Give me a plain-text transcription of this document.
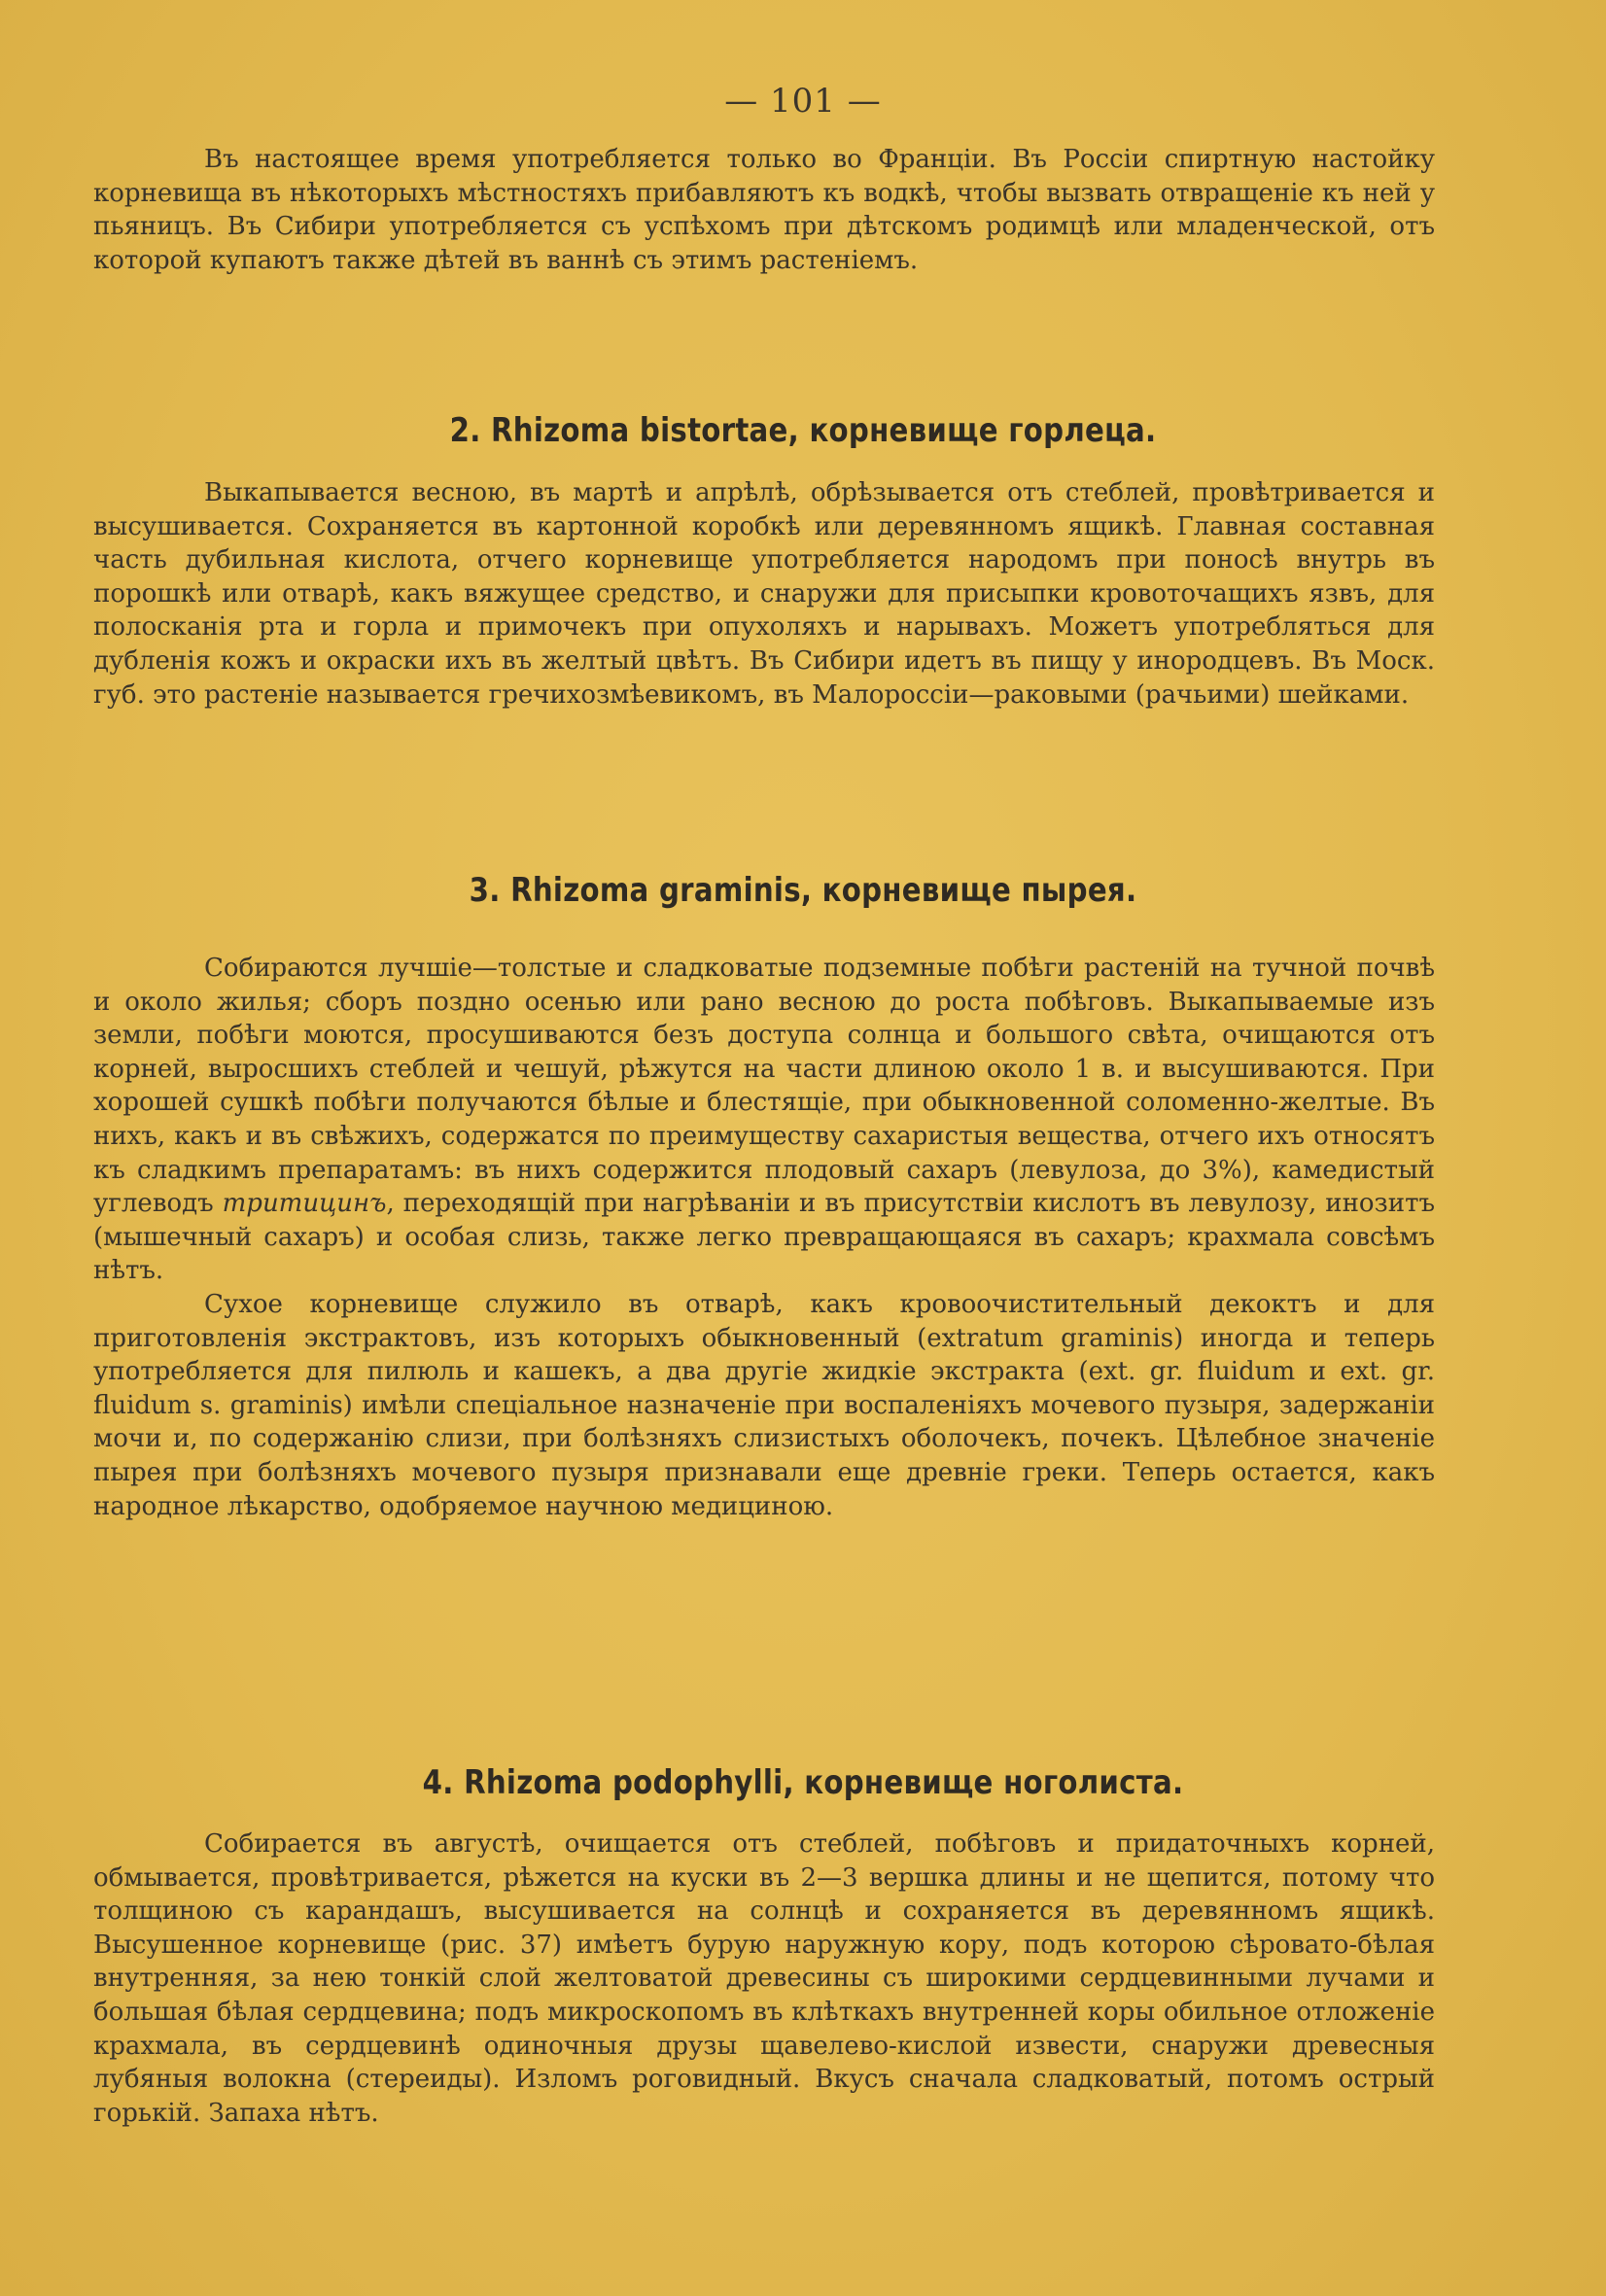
— 101 —

Въ настоящее время употребляется только во Франціи. Въ Россіи спиртную настойку корневища въ нѣкоторыхъ мѣстностяхъ прибавляютъ къ водкѣ, чтобы вызвать отвращеніе къ ней у пьяницъ. Въ Сибири употребляется съ успѣхомъ при дѣтскомъ родимцѣ или младенческой, отъ которой купаютъ также дѣтей въ ваннѣ съ этимъ растеніемъ.

2. Rhizoma bistortae, корневище горлеца.

Выкапывается весною, въ мартѣ и апрѣлѣ, обрѣзывается отъ стеблей, провѣтривается и высушивается. Сохраняется въ картонной коробкѣ или деревянномъ ящикѣ. Главная составная часть дубильная кислота, отчего корневище употребляется народомъ при поносѣ внутрь въ порошкѣ или отварѣ, какъ вяжущее средство, и снаружи для присыпки кровоточащихъ язвъ, для полосканія рта и горла и примочекъ при опухоляхъ и нарывахъ. Можетъ употребляться для дубленія кожъ и окраски ихъ въ желтый цвѣтъ. Въ Сибири идетъ въ пищу у инородцевъ. Въ Моск. губ. это растеніе называется гречихозмѣевикомъ, въ Малороссіи—раковыми (рачьими) шейками.

3. Rhizoma graminis, корневище пырея.

Собираются лучшіе—толстые и сладковатые подземные побѣги растеній на тучной почвѣ и около жилья; сборъ поздно осенью или рано весною до роста побѣговъ. Выкапываемые изъ земли, побѣги моются, просушиваются безъ доступа солнца и большого свѣта, очищаются отъ корней, выросшихъ стеблей и чешуй, рѣжутся на части длиною около 1 в. и высушиваются. При хорошей сушкѣ побѣги получаются бѣлые и блестящіе, при обыкновенной соломенно-желтые. Въ нихъ, какъ и въ свѣжихъ, содержатся по преимуществу сахаристыя вещества, отчего ихъ относятъ къ сладкимъ препаратамъ: въ нихъ содержится плодовый сахаръ (левулоза, до 3%), камедистый углеводъ тритицинъ, переходящій при нагрѣваніи и въ присутствіи кислотъ въ левулозу, инозитъ (мышечный сахаръ) и особая слизь, также легко превращающаяся въ сахаръ; крахмала совсѣмъ нѣтъ.

Сухое корневище служило въ отварѣ, какъ кровоочистительный декоктъ и для приготовленія экстрактовъ, изъ которыхъ обыкновенный (extratum graminis) иногда и теперь употребляется для пилюль и кашекъ, а два другіе жидкіе экстракта (ext. gr. fluidum и ext. gr. fluidum s. graminis) имѣли спеціальное назначеніе при воспаленіяхъ мочевого пузыря, задержаніи мочи и, по содержанію слизи, при болѣзняхъ слизистыхъ оболочекъ, почекъ. Цѣлебное значеніе пырея при болѣзняхъ мочевого пузыря признавали еще древніе греки. Теперь остается, какъ народное лѣкарство, одобряемое научною медициною.

4. Rhizoma podophylli, корневище ноголиста.

Собирается въ августѣ, очищается отъ стеблей, побѣговъ и придаточныхъ корней, обмывается, провѣтривается, рѣжется на куски въ 2—3 вершка длины и не щепится, потому что толщиною съ карандашъ, высушивается на солнцѣ и сохраняется въ деревянномъ ящикѣ. Высушенное корневище (рис. 37) имѣетъ бурую наружную кору, подъ которою сѣровато-бѣлая внутренняя, за нею тонкій слой желтоватой древесины съ широкими сердцевинными лучами и большая бѣлая сердцевина; подъ микроскопомъ въ клѣткахъ внутренней коры обильное отложеніе крахмала, въ сердцевинѣ одиночныя друзы щавелево-кислой извести, снаружи древесныя лубяныя волокна (стереиды). Изломъ роговидный. Вкусъ сначала сладковатый, потомъ острый горькій. Запаха нѣтъ.
